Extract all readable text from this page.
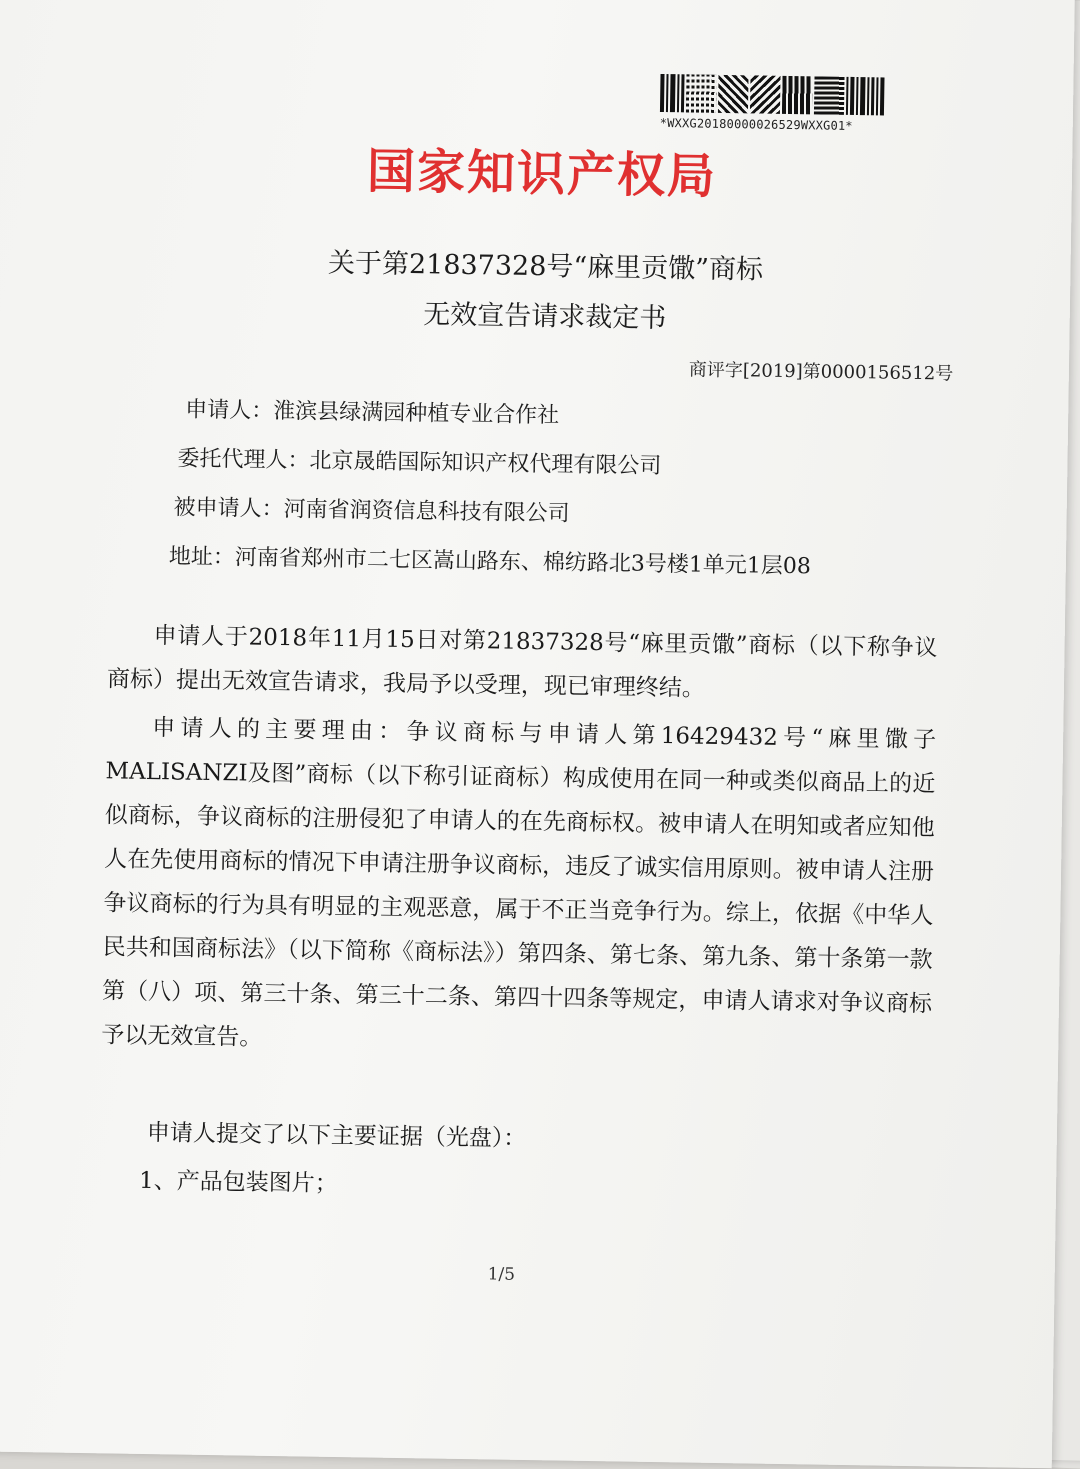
*WXXG20180000026529WXXG01*
国家知识产权局
关于第21837328号“麻里贡馓”商标
无效宣告请求裁定书
商评字[2019]第0000156512号
申请人：淮滨县绿满园种植专业合作社
委托代理人：北京晟皓国际知识产权代理有限公司
被申请人：河南省润资信息科技有限公司
地址：河南省郑州市二七区嵩山路东、棉纺路北3号楼1单元1层08
申请人于2018年11月15日对第21837328号“麻里贡馓”商标（以下称争议商标）提出无效宣告请求，我局予以受理，现已审理终结。
申请人的主要理由：争议商标与申请人第16429432号“麻里馓子MALISANZI及图”商标（以下称引证商标）构成使用在同一种或类似商品上的近似商标，争议商标的注册侵犯了申请人的在先商标权。被申请人在明知或者应知他人在先使用商标的情况下申请注册争议商标，违反了诚实信用原则。被申请人注册争议商标的行为具有明显的主观恶意，属于不正当竞争行为。综上，依据《中华人民共和国商标法》（以下简称《商标法》）第四条、第七条、第九条、第十条第一款第（八）项、第三十条、第三十二条、第四十四条等规定，申请人请求对争议商标予以无效宣告。
申请人提交了以下主要证据（光盘）：
1、产品包装图片；
1/5
